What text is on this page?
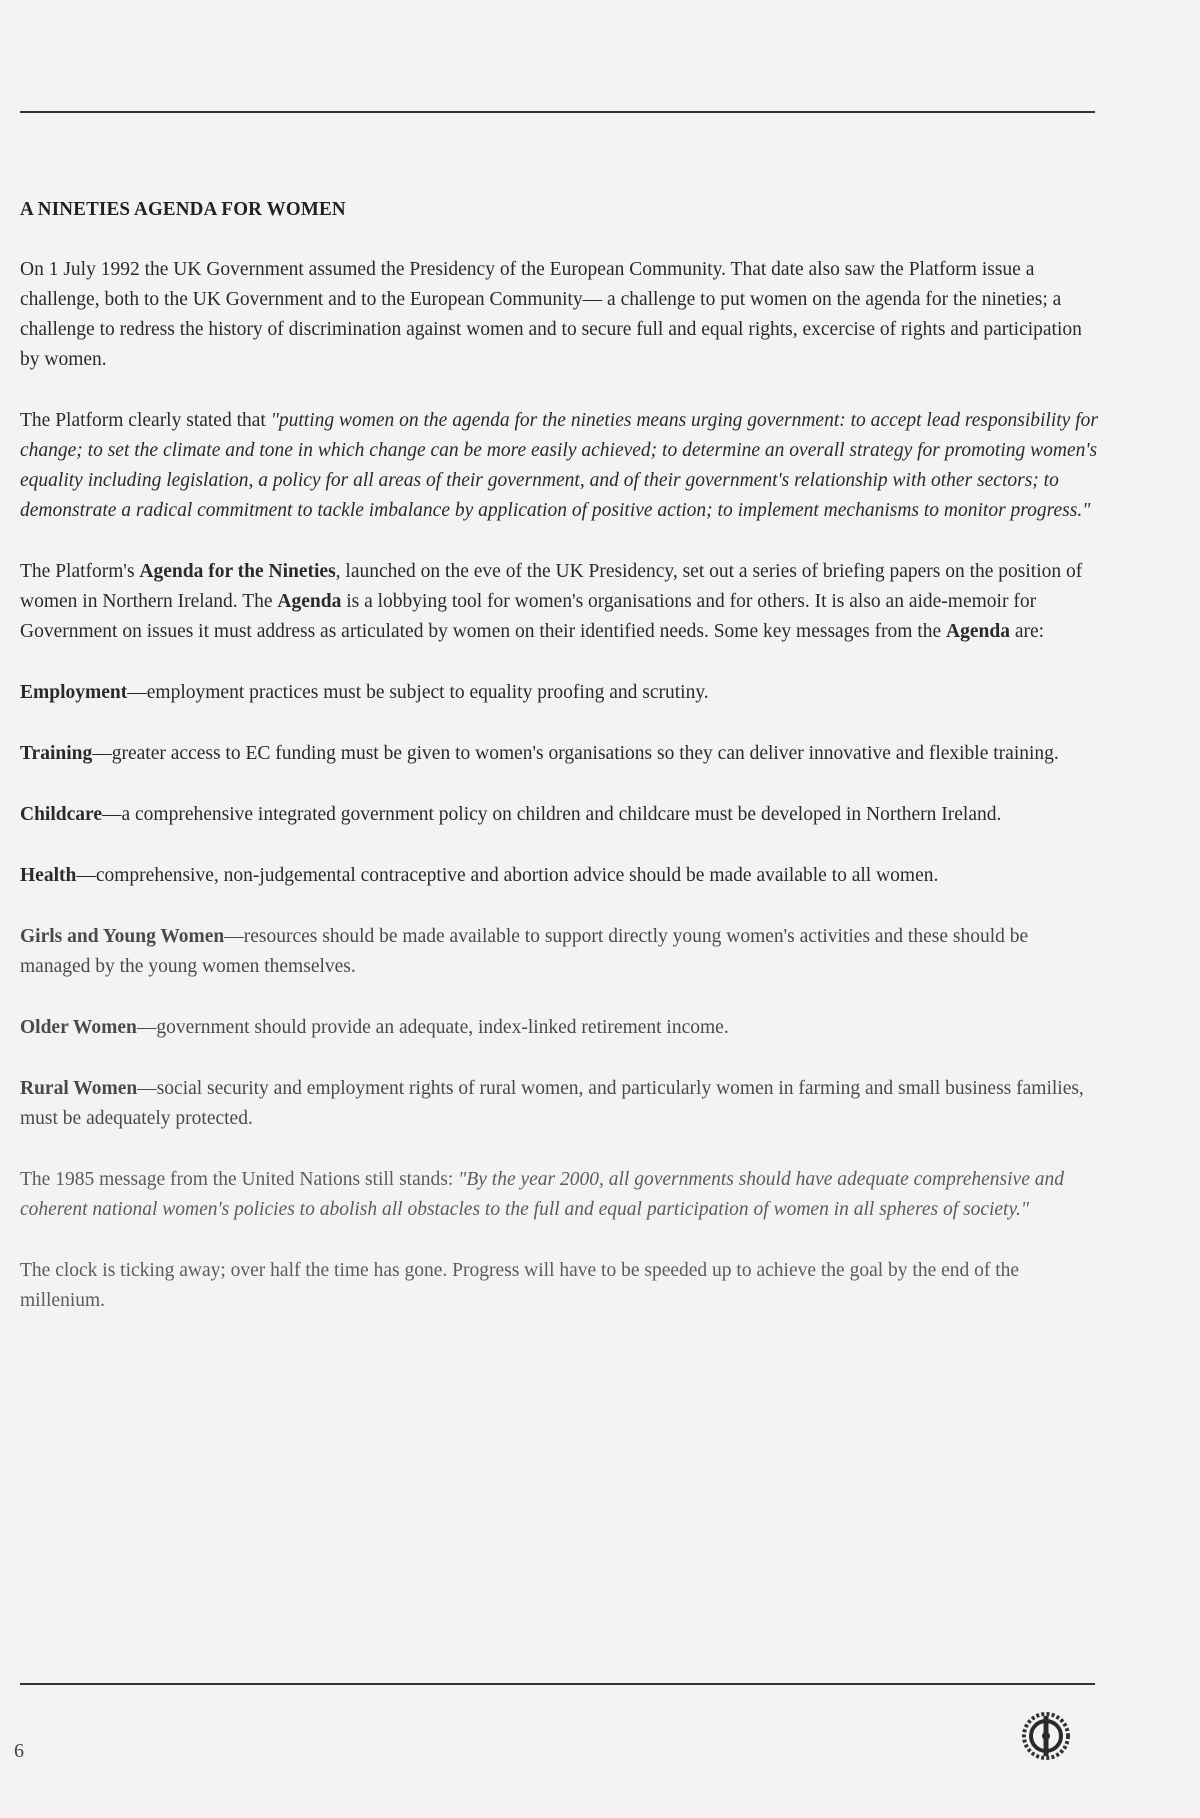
A NINETIES AGENDA FOR WOMEN

On 1 July 1992 the UK Government assumed the Presidency of the European Community. That date also saw the Platform issue a challenge, both to the UK Government and to the European Community— a challenge to put women on the agenda for the nineties; a challenge to redress the history of discrimination against women and to secure full and equal rights, excercise of rights and participation by women.

The Platform clearly stated that "putting women on the agenda for the nineties means urging government: to accept lead responsibility for change; to set the climate and tone in which change can be more easily achieved; to determine an overall strategy for promoting women's equality including legislation, a policy for all areas of their government, and of their government's relationship with other sectors; to demonstrate a radical commitment to tackle imbalance by application of positive action; to implement mechanisms to monitor progress."

The Platform's Agenda for the Nineties, launched on the eve of the UK Presidency, set out a series of briefing papers on the position of women in Northern Ireland. The Agenda is a lobbying tool for women's organisations and for others. It is also an aide-memoir for Government on issues it must address as articulated by women on their identified needs. Some key messages from the Agenda are:

Employment—employment practices must be subject to equality proofing and scrutiny.

Training—greater access to EC funding must be given to women's organisations so they can deliver innovative and flexible training.

Childcare—a comprehensive integrated government policy on children and childcare must be developed in Northern Ireland.

Health—comprehensive, non-judgemental contraceptive and abortion advice should be made available to all women.

Girls and Young Women—resources should be made available to support directly young women's activities and these should be managed by the young women themselves.

Older Women—government should provide an adequate, index-linked retirement income.

Rural Women—social security and employment rights of rural women, and particularly women in farming and small business families, must be adequately protected.

The 1985 message from the United Nations still stands: "By the year 2000, all governments should have adequate comprehensive and coherent national women's policies to abolish all obstacles to the full and equal participation of women in all spheres of society."

The clock is ticking away; over half the time has gone. Progress will have to be speeded up to achieve the goal by the end of the millenium.

6
